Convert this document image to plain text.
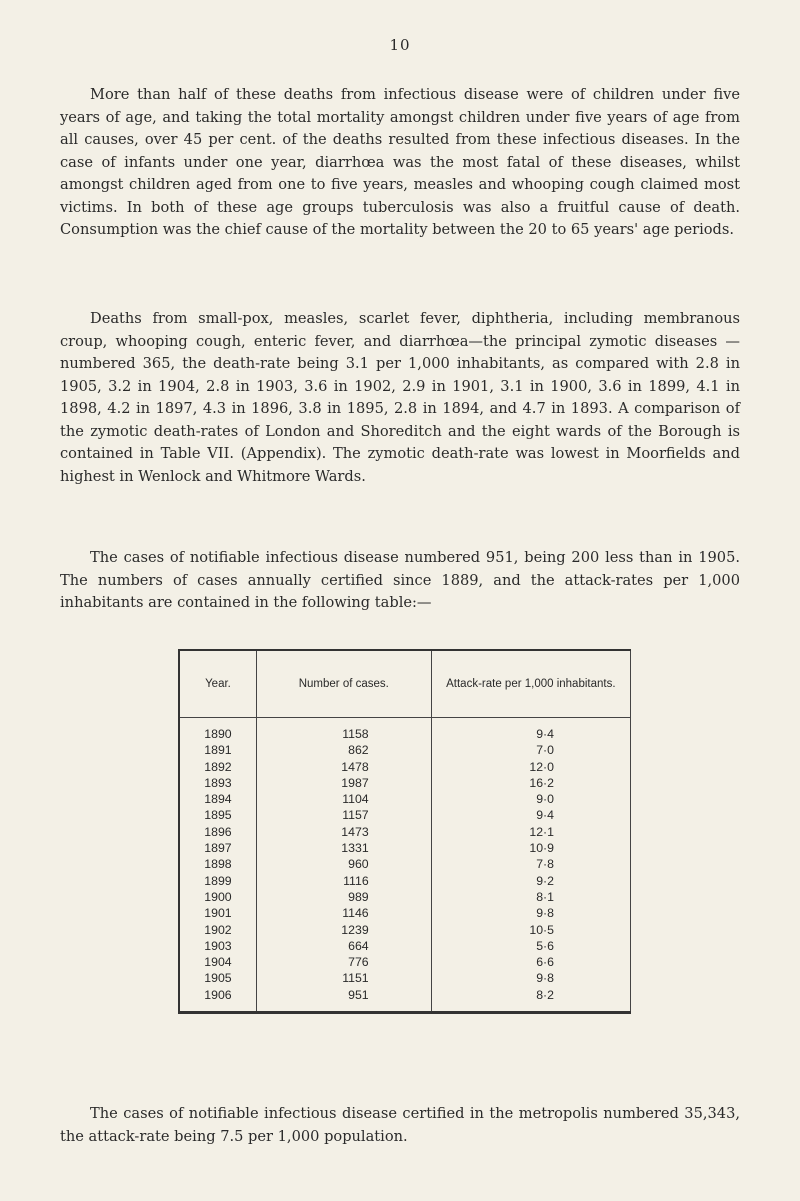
10

More than half of these deaths from infectious disease were of children under five years of age, and taking the total mortality amongst children under five years of age from all causes, over 45 per cent. of the deaths resulted from these infectious diseases. In the case of infants under one year, diarrhœa was the most fatal of these diseases, whilst amongst children aged from one to five years, measles and whooping cough claimed most victims. In both of these age groups tuberculosis was also a fruitful cause of death. Consumption was the chief cause of the mortality between the 20 to 65 years' age periods.

Deaths from small-pox, measles, scarlet fever, diphtheria, including membranous croup, whooping cough, enteric fever, and diarrhœa—the principal zymotic diseases —numbered 365, the death-rate being 3.1 per 1,000 inhabitants, as compared with 2.8 in 1905, 3.2 in 1904, 2.8 in 1903, 3.6 in 1902, 2.9 in 1901, 3.1 in 1900, 3.6 in 1899, 4.1 in 1898, 4.2 in 1897, 4.3 in 1896, 3.8 in 1895, 2.8 in 1894, and 4.7 in 1893. A comparison of the zymotic death-rates of London and Shoreditch and the eight wards of the Borough is contained in Table VII. (Appendix). The zymotic death-rate was lowest in Moorfields and highest in Wenlock and Whitmore Wards.

The cases of notifiable infectious disease numbered 951, being 200 less than in 1905. The numbers of cases annually certified since 1889, and the attack-rates per 1,000 inhabitants are contained in the following table:—

Year.	Number of cases.	Attack-rate per 1,000 inhabitants.
1890	1158	9·4
1891	862	7·0
1892	1478	12·0
1893	1987	16·2
1894	1104	9·0
1895	1157	9·4
1896	1473	12·1
1897	1331	10·9
1898	960	7·8
1899	1116	9·2
1900	989	8·1
1901	1146	9·8
1902	1239	10·5
1903	664	5·6
1904	776	6·6
1905	1151	9·8
1906	951	8·2

The cases of notifiable infectious disease certified in the metropolis numbered 35,343, the attack-rate being 7.5 per 1,000 population.
